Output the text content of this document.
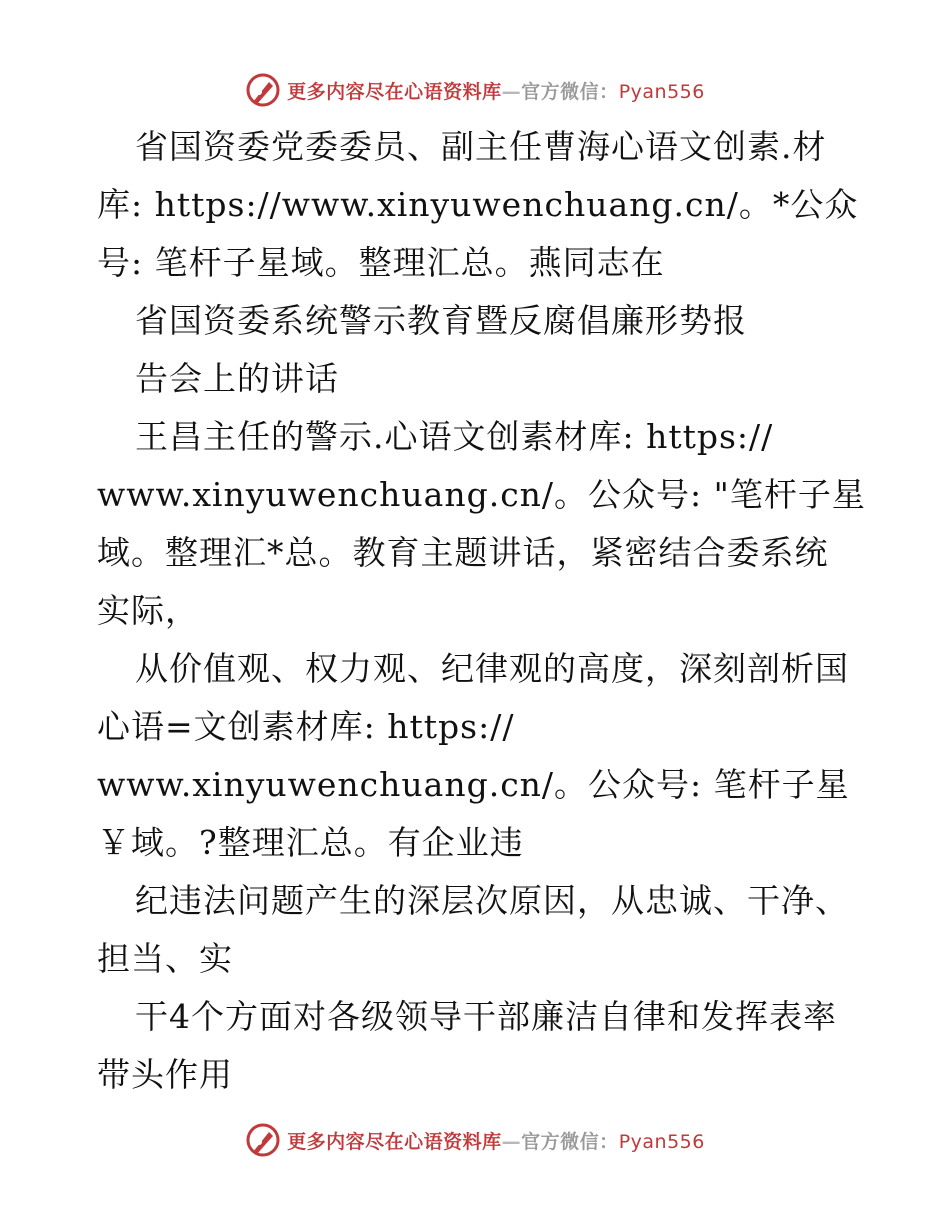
更多内容尽在心语资料库—官方微信：Pyan556
省国资委党委委员、副主任曹海心语文创素.材
库: https://www.xinyuwenchuang.cn/。*公众
号: 笔杆子星域。整理汇总。燕同志在
省国资委系统警示教育暨反腐倡廉形势报
告会上的讲话
王昌主任的警示.心语文创素材库: https://
www.xinyuwenchuang.cn/。公众号: "笔杆子星
域。整理汇*总。教育主题讲话，紧密结合委系统
实际，
从价值观、权力观、纪律观的高度，深刻剖析国
心语=文创素材库: https://
www.xinyuwenchuang.cn/。公众号: 笔杆子星
￥域。?整理汇总。有企业违
纪违法问题产生的深层次原因，从忠诚、干净、
担当、实
干4个方面对各级领导干部廉洁自律和发挥表率
带头作用
更多内容尽在心语资料库—官方微信：Pyan556
